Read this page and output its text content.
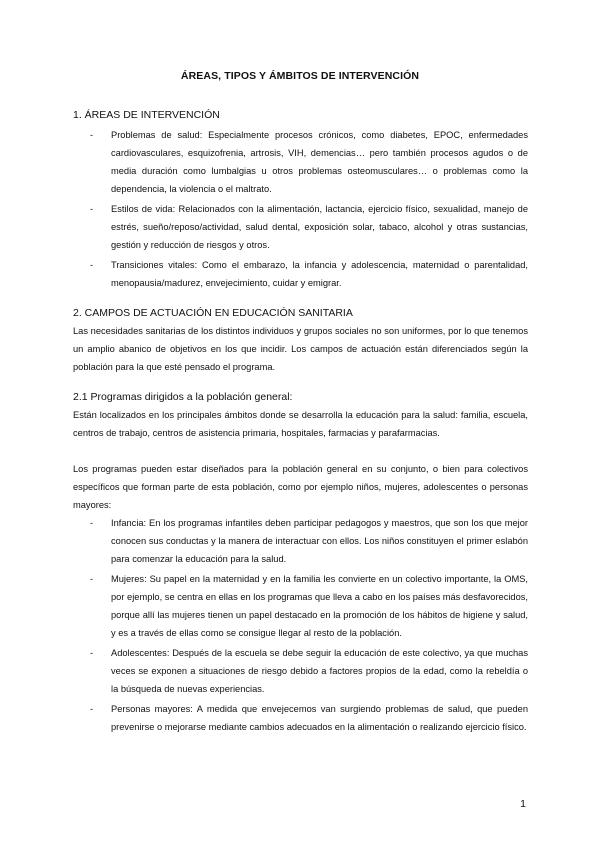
ÁREAS, TIPOS Y ÁMBITOS DE INTERVENCIÓN
1. ÁREAS DE INTERVENCIÓN
- Problemas de salud: Especialmente procesos crónicos, como diabetes, EPOC, enfermedades cardiovasculares, esquizofrenia, artrosis, VIH, demencias… pero también procesos agudos o de media duración como lumbalgias u otros problemas osteomusculares… o problemas como la dependencia, la violencia o el maltrato.
- Estilos de vida: Relacionados con la alimentación, lactancia, ejercicio físico, sexualidad, manejo de estrés, sueño/reposo/actividad, salud dental, exposición solar, tabaco, alcohol y otras sustancias, gestión y reducción de riesgos y otros.
- Transiciones vitales: Como el embarazo, la infancia y adolescencia, maternidad o parentalidad, menopausia/madurez, envejecimiento, cuidar y emigrar.
2. CAMPOS DE ACTUACIÓN EN EDUCACIÓN SANITARIA

Las necesidades sanitarias de los distintos individuos y grupos sociales no son uniformes, por lo que tenemos un amplio abanico de objetivos en los que incidir. Los campos de actuación están diferenciados según la población para la que esté pensado el programa.

2.1 Programas dirigidos a la población general:

Están localizados en los principales ámbitos donde se desarrolla la educación para la salud: familia, escuela, centros de trabajo, centros de asistencia primaria, hospitales, farmacias y parafarmacias.

Los programas pueden estar diseñados para la población general en su conjunto, o bien para colectivos específicos que forman parte de esta población, como por ejemplo niños, mujeres, adolescentes o personas mayores:

- Infancia: En los programas infantiles deben participar pedagogos y maestros, que son los que mejor conocen sus conductas y la manera de interactuar con ellos. Los niños constituyen el primer eslabón para comenzar la educación para la salud.
- Mujeres: Su papel en la maternidad y en la familia les convierte en un colectivo importante, la OMS, por ejemplo, se centra en ellas en los programas que lleva a cabo en los países más desfavorecidos, porque allí las mujeres tienen un papel destacado en la promoción de los hábitos de higiene y salud, y es a través de ellas como se consigue llegar al resto de la población.
- Adolescentes: Después de la escuela se debe seguir la educación de este colectivo, ya que muchas veces se exponen a situaciones de riesgo debido a factores propios de la edad, como la rebeldía o la búsqueda de nuevas experiencias.
- Personas mayores: A medida que envejecemos van surgiendo problemas de salud, que pueden prevenirse o mejorarse mediante cambios adecuados en la alimentación o realizando ejercicio físico.
1
